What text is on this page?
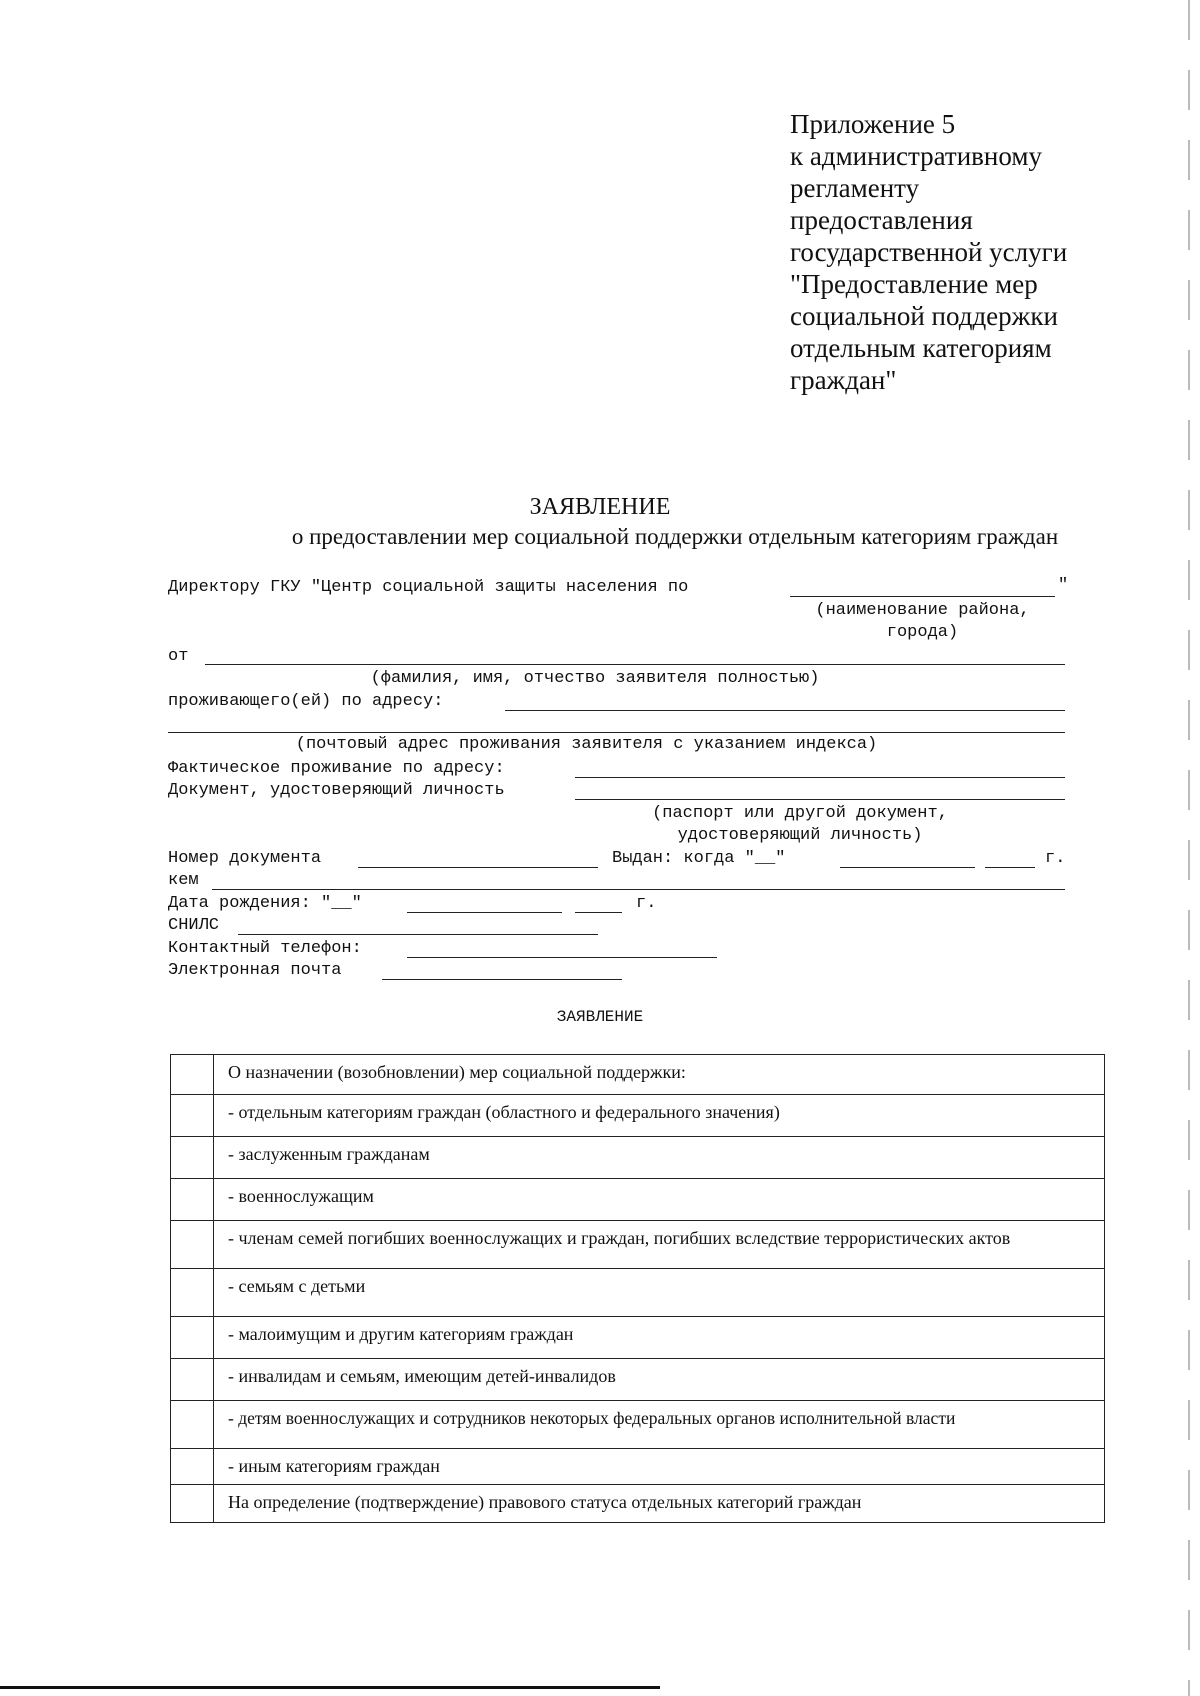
Приложение 5
к административному
регламенту
предоставления
государственной услуги
"Предоставление мер
социальной поддержки
отдельным категориям
граждан"
ЗАЯВЛЕНИЕ
о предоставлении мер социальной поддержки отдельным категориям граждан
Директору ГКУ "Центр социальной защиты населения по	"
(наименование района,
города)
от
(фамилия, имя, отчество заявителя полностью)
проживающего(ей) по адресу:
(почтовый адрес проживания заявителя с указанием индекса)
Фактическое проживание по адресу:
Документ, удостоверяющий личность
(паспорт или другой документ,
удостоверяющий личность)
Номер документа	Выдан: когда "__"	г.
кем
Дата рождения: "__"	г.
СНИЛС
Контактный телефон:
Электронная почта
ЗАЯВЛЕНИЕ
	О назначении (возобновлении) мер социальной поддержки:
	- отдельным категориям граждан (областного и федерального значения)
	- заслуженным гражданам
	- военнослужащим
	- членам семей погибших военнослужащих и граждан, погибших вследствие террористических актов
	- семьям с детьми
	- малоимущим и другим категориям граждан
	- инвалидам и семьям, имеющим детей-инвалидов
	- детям военнослужащих и сотрудников некоторых федеральных органов исполнительной власти
	- иным категориям граждан
	На определение (подтверждение) правового статуса отдельных категорий граждан
